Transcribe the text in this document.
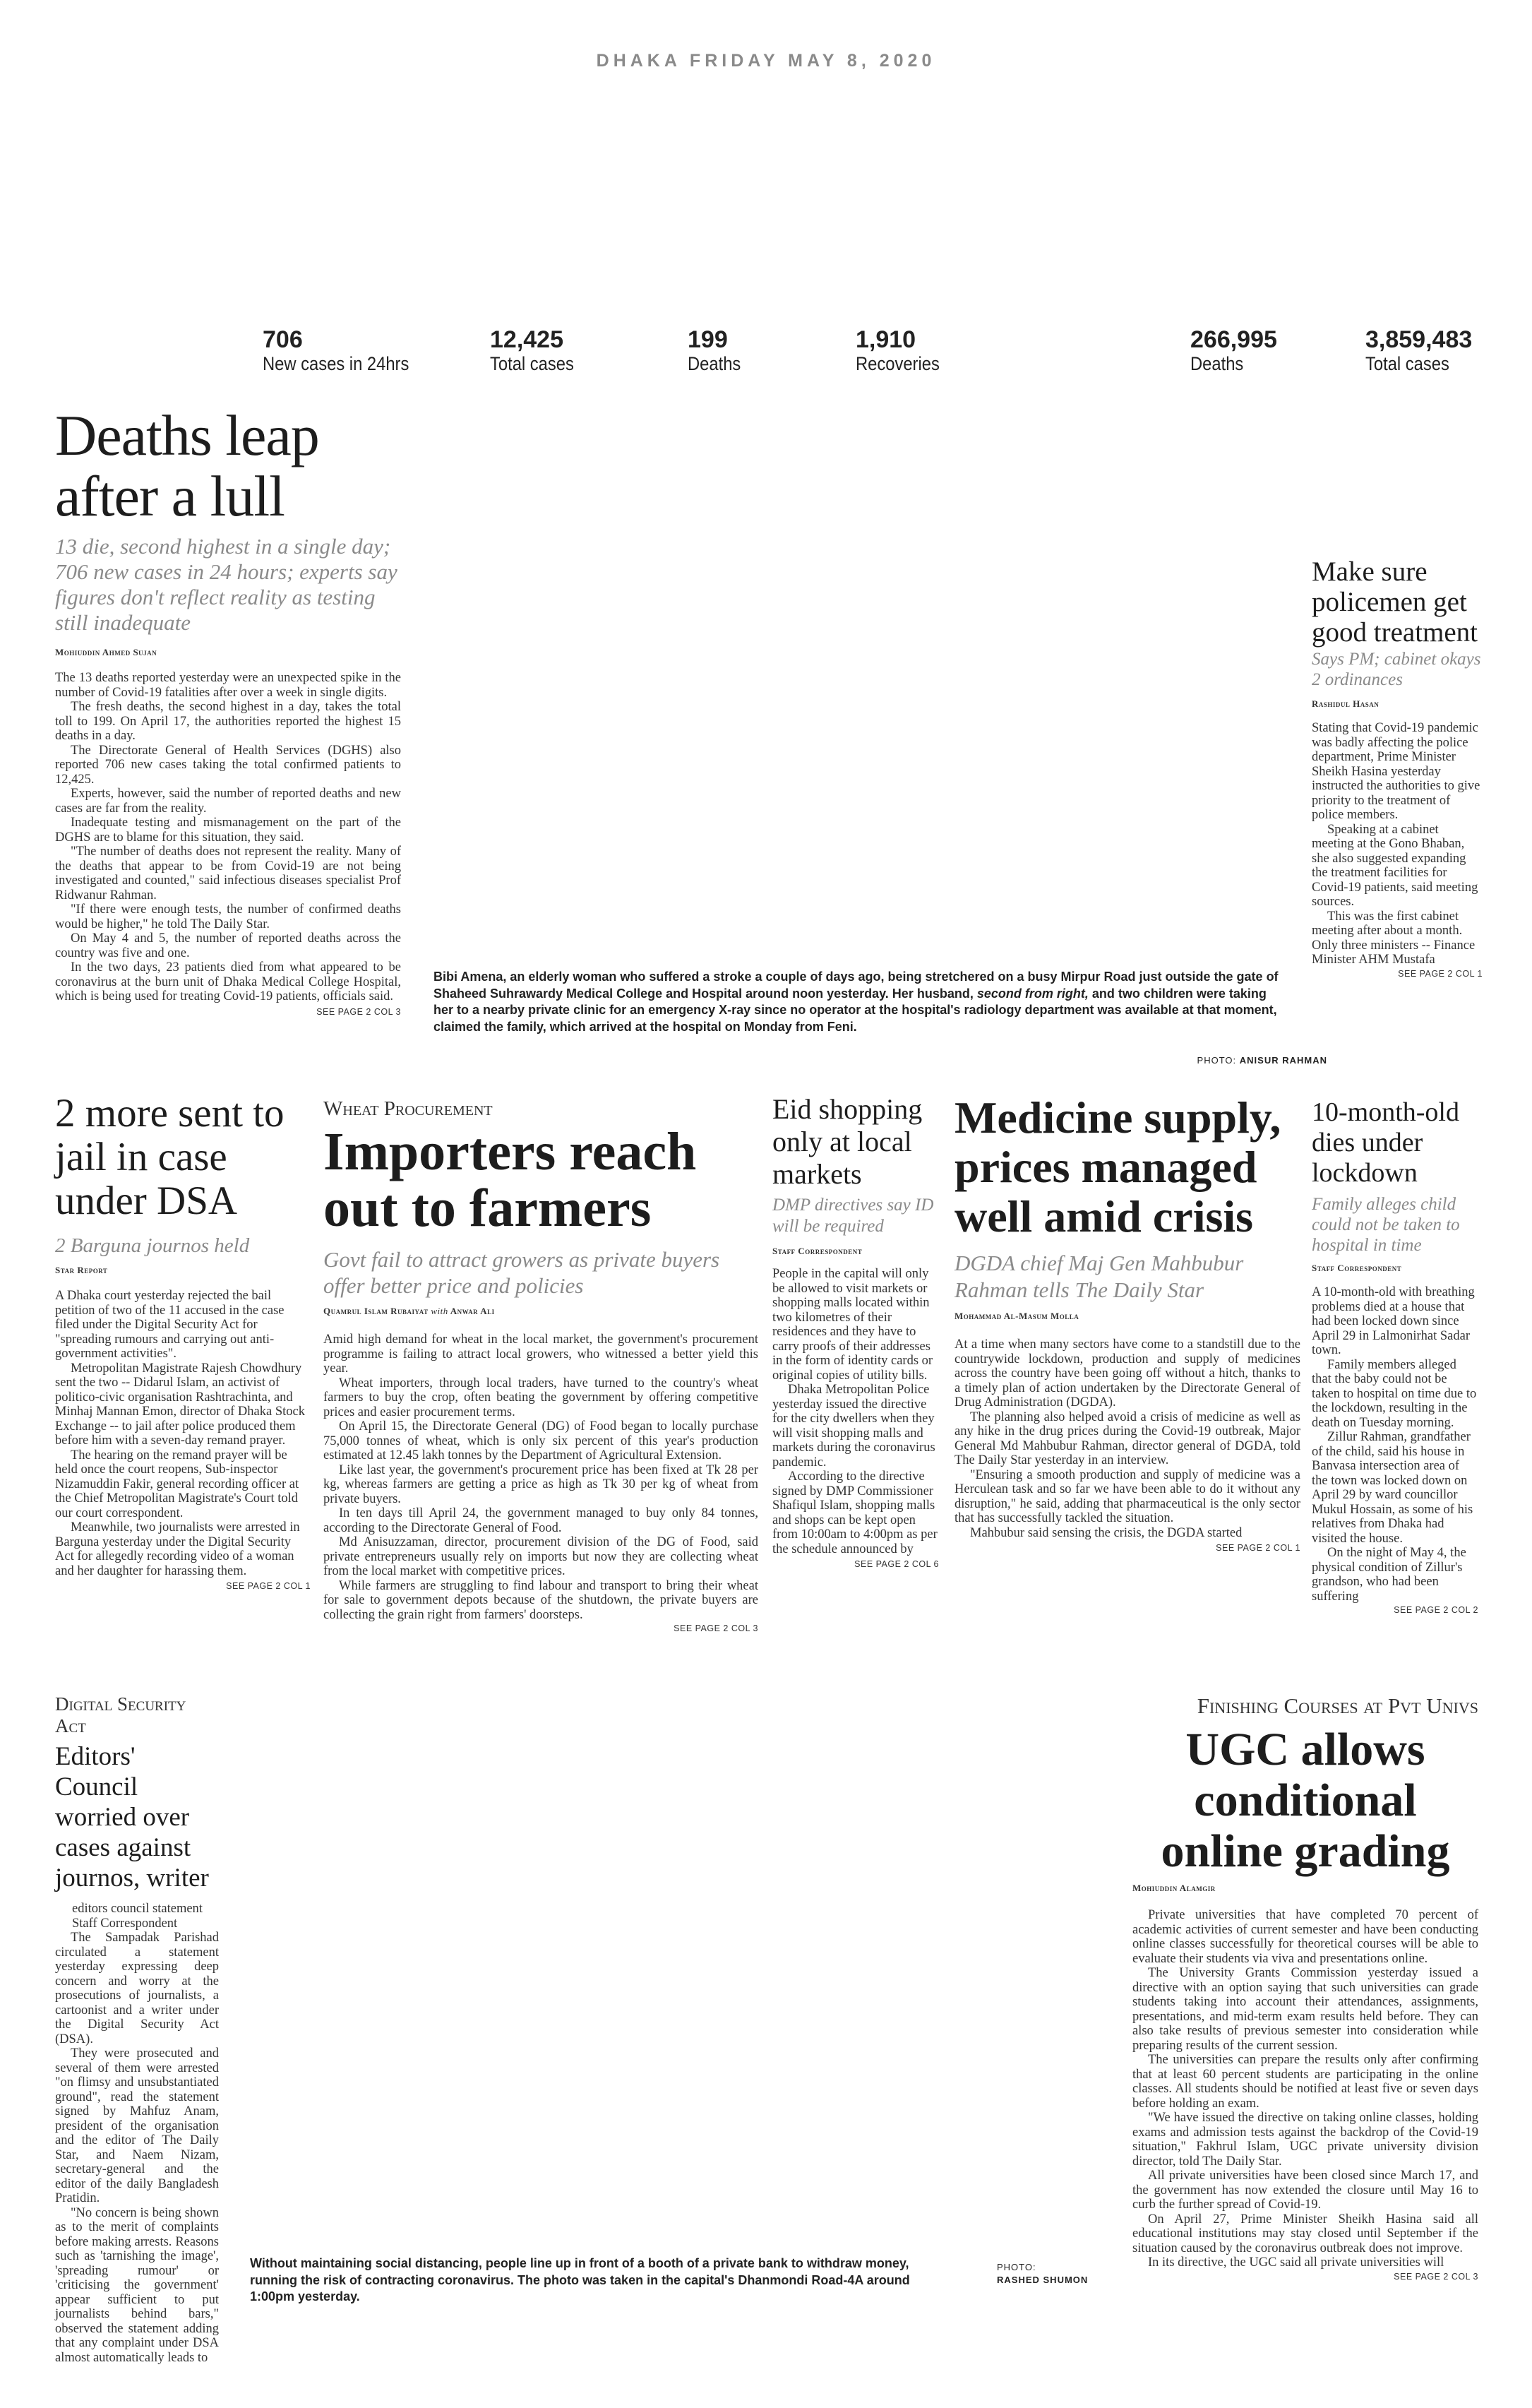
DHAKA FRIDAY MAY 8, 2020
706
New cases in 24hrs
12,425
Total cases
199
Deaths
1,910
Recoveries
266,995
Deaths
3,859,483
Total cases
Deaths leap after a lull
13 die, second highest in a single day; 706 new cases in 24 hours; experts say figures don't reflect reality as testing still inadequate
Mohiuddin Ahmed Sujan

The 13 deaths reported yesterday were an unexpected spike in the number of Covid-19 fatalities after over a week in single digits.

The fresh deaths, the second highest in a day, takes the total toll to 199. On April 17, the authorities reported the highest 15 deaths in a day.

The Directorate General of Health Services (DGHS) also reported 706 new cases taking the total confirmed patients to 12,425.

Experts, however, said the number of reported deaths and new cases are far from the reality.

Inadequate testing and mismanagement on the part of the DGHS are to blame for this situation, they said.

"The number of deaths does not represent the reality. Many of the deaths that appear to be from Covid-19 are not being investigated and counted," said infectious diseases specialist Prof Ridwanur Rahman.

"If there were enough tests, the number of confirmed deaths would be higher," he told The Daily Star.

On May 4 and 5, the number of reported deaths across the country was five and one.

In the two days, 23 patients died from what appeared to be coronavirus at the burn unit of Dhaka Medical College Hospital, which is being used for treating Covid-19 patients, officials said.

SEE PAGE 2 COL 3
Bibi Amena, an elderly woman who suffered a stroke a couple of days ago, being stretchered on a busy Mirpur Road just outside the gate of Shaheed Suhrawardy Medical College and Hospital around noon yesterday. Her husband, second from right, and two children were taking her to a nearby private clinic for an emergency X-ray since no operator at the hospital's radiology department was available at that moment, claimed the family, which arrived at the hospital on Monday from Feni.
PHOTO: ANISUR RAHMAN
Make sure policemen get good treatment
Says PM; cabinet okays 2 ordinances
Rashidul Hasan

Stating that Covid-19 pandemic was badly affecting the police department, Prime Minister Sheikh Hasina yesterday instructed the authorities to give priority to the treatment of police members.

Speaking at a cabinet meeting at the Gono Bhaban, she also suggested expanding the treatment facilities for Covid-19 patients, said meeting sources.

This was the first cabinet meeting after about a month. Only three ministers -- Finance Minister AHM Mustafa

SEE PAGE 2 COL 1
2 more sent to jail in case under DSA
2 Barguna journos held
Star Report

A Dhaka court yesterday rejected the bail petition of two of the 11 accused in the case filed under the Digital Security Act for "spreading rumours and carrying out anti-government activities".

Metropolitan Magistrate Rajesh Chowdhury sent the two -- Didarul Islam, an activist of politico-civic organisation Rashtrachinta, and Minhaj Mannan Emon, director of Dhaka Stock Exchange -- to jail after police produced them before him with a seven-day remand prayer.

The hearing on the remand prayer will be held once the court reopens, Sub-inspector Nizamuddin Fakir, general recording officer at the Chief Metropolitan Magistrate's Court told our court correspondent.

Meanwhile, two journalists were arrested in Barguna yesterday under the Digital Security Act for allegedly recording video of a woman and her daughter for harassing them.

SEE PAGE 2 COL 1
Wheat Procurement
Importers reach out to farmers
Govt fail to attract growers as private buyers offer better price and policies
Quamrul Islam Rubaiyat with Anwar Ali

Amid high demand for wheat in the local market, the government's procurement programme is failing to attract local growers, who witnessed a better yield this year.

Wheat importers, through local traders, have turned to the country's wheat farmers to buy the crop, often beating the government by offering competitive prices and easier procurement terms.

On April 15, the Directorate General (DG) of Food began to locally purchase 75,000 tonnes of wheat, which is only six percent of this year's production estimated at 12.45 lakh tonnes by the Department of Agricultural Extension.

Like last year, the government's procurement price has been fixed at Tk 28 per kg, whereas farmers are getting a price as high as Tk 30 per kg of wheat from private buyers.

In ten days till April 24, the government managed to buy only 84 tonnes, according to the Directorate General of Food.

Md Anisuzzaman, director, procurement division of the DG of Food, said private entrepreneurs usually rely on imports but now they are collecting wheat from the local market with competitive prices.

While farmers are struggling to find labour and transport to bring their wheat for sale to government depots because of the shutdown, the private buyers are collecting the grain right from farmers' doorsteps.

SEE PAGE 2 COL 3
Eid shopping only at local markets
DMP directives say ID will be required
Staff Correspondent

People in the capital will only be allowed to visit markets or shopping malls located within two kilometres of their residences and they have to carry proofs of their addresses in the form of identity cards or original copies of utility bills.

Dhaka Metropolitan Police yesterday issued the directive for the city dwellers when they will visit shopping malls and markets during the coronavirus pandemic.

According to the directive signed by DMP Commissioner Shafiqul Islam, shopping malls and shops can be kept open from 10:00am to 4:00pm as per the schedule announced by

SEE PAGE 2 COL 6
Medicine supply, prices managed well amid crisis
DGDA chief Maj Gen Mahbubur Rahman tells The Daily Star
Mohammad Al-Masum Molla

At a time when many sectors have come to a standstill due to the countrywide lockdown, production and supply of medicines across the country have been going off without a hitch, thanks to a timely plan of action undertaken by the Directorate General of Drug Administration (DGDA).

The planning also helped avoid a crisis of medicine as well as any hike in the drug prices during the Covid-19 outbreak, Major General Md Mahbubur Rahman, director general of DGDA, told The Daily Star yesterday in an interview.

"Ensuring a smooth production and supply of medicine was a Herculean task and so far we have been able to do it without any disruption," he said, adding that pharmaceutical is the only sector that has successfully tackled the situation.

Mahbubur said sensing the crisis, the DGDA started

SEE PAGE 2 COL 1
10-month-old dies under lockdown
Family alleges child could not be taken to hospital in time
Staff Correspondent

A 10-month-old with breathing problems died at a house that had been locked down since April 29 in Lalmonirhat Sadar town.

Family members alleged that the baby could not be taken to hospital on time due to the lockdown, resulting in the death on Tuesday morning.

Zillur Rahman, grandfather of the child, said his house in Banvasa intersection area of the town was locked down on April 29 by ward councillor Mukul Hossain, as some of his relatives from Dhaka had visited the house.

On the night of May 4, the physical condition of Zillur's grandson, who had been suffering

SEE PAGE 2 COL 2
Digital Security Act
Editors' Council worried over cases against journos, writer
editors council statement
Staff Correspondent

The Sampadak Parishad circulated a statement yesterday expressing deep concern and worry at the prosecutions of journalists, a cartoonist and a writer under the Digital Security Act (DSA).

They were prosecuted and several of them were arrested "on flimsy and unsubstantiated ground", read the statement signed by Mahfuz Anam, president of the organisation and the editor of The Daily Star, and Naem Nizam, secretary-general and the editor of the daily Bangladesh Pratidin.

"No concern is being shown as to the merit of complaints before making arrests. Reasons such as 'tarnishing the image', 'spreading rumour' or 'criticising the government' appear sufficient to put journalists behind bars," observed the statement adding that any complaint under DSA almost automatically leads to

Without maintaining social distancing, people line up in front of a booth of a private bank to withdraw money, running the risk of contracting coronavirus. The photo was taken in the capital's Dhanmondi Road-4A around 1:00pm yesterday.
PHOTO:
RASHED SHUMON
Finishing Courses at Pvt Univs
UGC allows conditional online grading
Mohiuddin Alamgir

Private universities that have completed 70 percent of academic activities of current semester and have been conducting online classes successfully for theoretical courses will be able to evaluate their students via viva and presentations online.

The University Grants Commission yesterday issued a directive with an option saying that such universities can grade students taking into account their attendances, assignments, presentations, and mid-term exam results held before. They can also take results of previous semester into consideration while preparing results of the current session.

The universities can prepare the results only after confirming that at least 60 percent students are participating in the online classes. All students should be notified at least five or seven days before holding an exam.

"We have issued the directive on taking online classes, holding exams and admission tests against the backdrop of the Covid-19 situation," Fakhrul Islam, UGC private university division director, told The Daily Star.

All private universities have been closed since March 17, and the government has now extended the closure until May 16 to curb the further spread of Covid-19.

On April 27, Prime Minister Sheikh Hasina said all educational institutions may stay closed until September if the situation caused by the coronavirus outbreak does not improve.

In its directive, the UGC said all private universities will

SEE PAGE 2 COL 3
